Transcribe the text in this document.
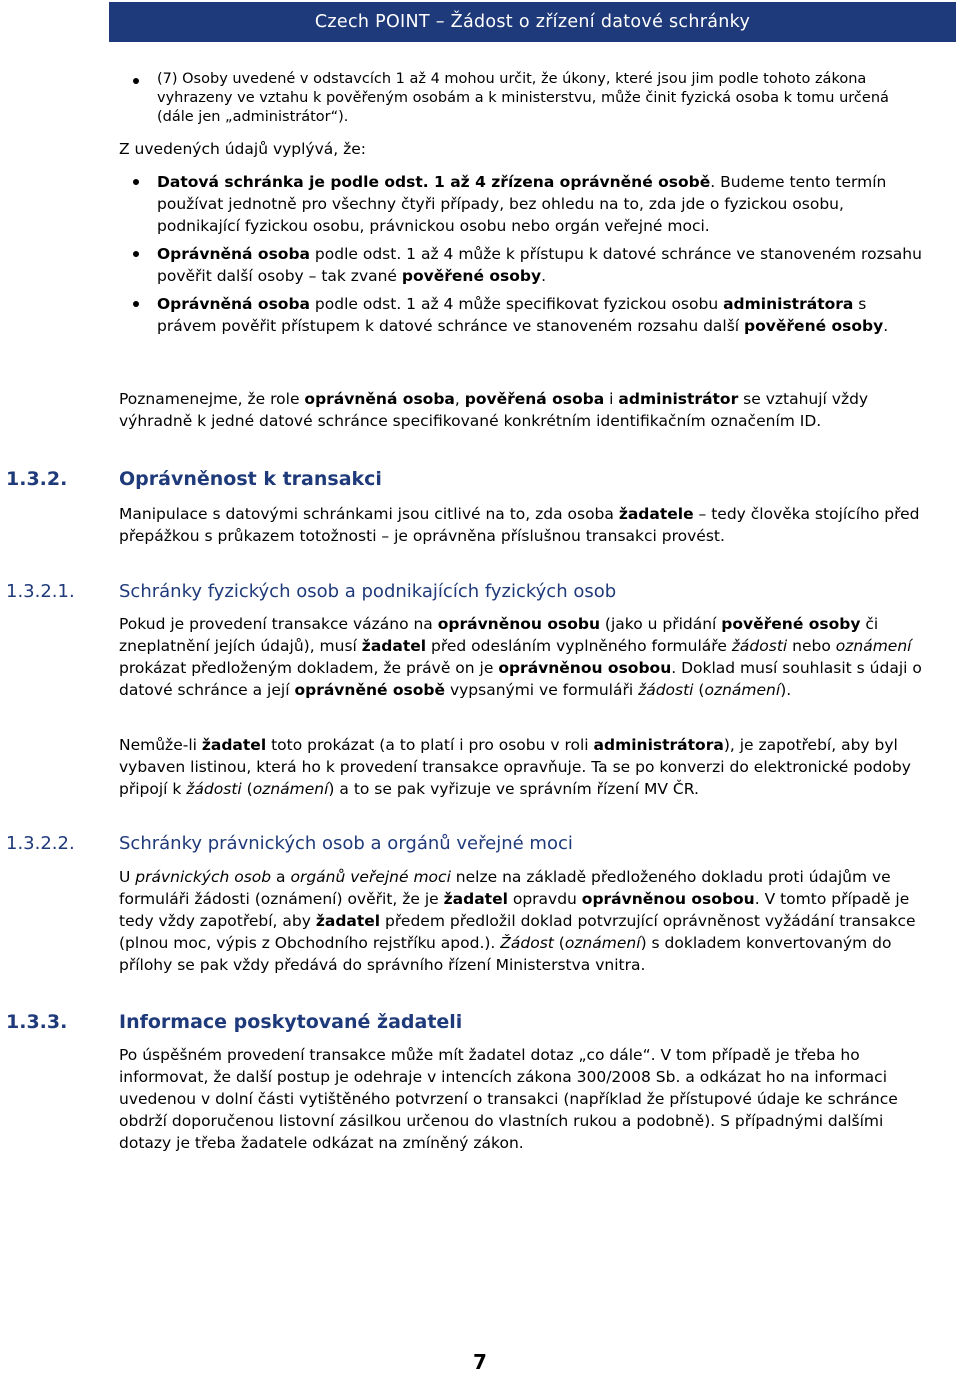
Czech POINT – Žádost o zřízení datové schránky
(7) Osoby uvedené v odstavcích 1 až 4 mohou určit, že úkony, které jsou jim podle tohoto zákona vyhrazeny ve vztahu k pověřeným osobám a k ministerstvu, může činit fyzická osoba k tomu určená (dále jen „administrátor“).
Z uvedených údajů vyplývá, že:
Datová schránka je podle odst. 1 až 4 zřízena oprávněné osobě. Budeme tento termín používat jednotně pro všechny čtyři případy, bez ohledu na to, zda jde o fyzickou osobu, podnikající fyzickou osobu, právnickou osobu nebo orgán veřejné moci.
Oprávněná osoba podle odst. 1 až 4 může k přístupu k datové schránce ve stanoveném rozsahu pověřit další osoby – tak zvané pověřené osoby.
Oprávněná osoba podle odst. 1 až 4 může specifikovat fyzickou osobu administrátora s právem pověřit přístupem k datové schránce ve stanoveném rozsahu další pověřené osoby.
Poznamenejme, že role oprávněná osoba, pověřená osoba i administrátor se vztahují vždy výhradně k jedné datové schránce specifikované konkrétním identifikačním označením ID.
1.3.2.	Oprávněnost k transakci
Manipulace s datovými schránkami jsou citlivé na to, zda osoba žadatele – tedy člověka stojícího před přepážkou s průkazem totožnosti – je oprávněna příslušnou transakci provést.
1.3.2.1. Schránky fyzických osob a podnikajících fyzických osob
Pokud je provedení transakce vázáno na oprávněnou osobu (jako u přidání pověřené osoby či zneplatnění jejích údajů), musí žadatel před odesláním vyplněného formuláře žádosti nebo oznámení prokázat předloženým dokladem, že právě on je oprávněnou osobou. Doklad musí souhlasit s údaji o datové schránce a její oprávněné osobě vypsanými ve formuláři žádosti (oznámení).
Nemůže-li žadatel toto prokázat (a to platí i pro osobu v roli administrátora), je zapotřebí, aby byl vybaven listinou, která ho k provedení transakce opravňuje. Ta se po konverzi do elektronické podoby připojí k žádosti (oznámení) a to se pak vyřizuje ve správním řízení MV ČR.
1.3.2.2. Schránky právnických osob a orgánů veřejné moci
U právnických osob a orgánů veřejné moci nelze na základě předloženého dokladu proti údajům ve formuláři žádosti (oznámení) ověřit, že je žadatel opravdu oprávněnou osobou. V tomto případě je tedy vždy zapotřebí, aby žadatel předem předložil doklad potvrzující oprávněnost vyžádání transakce (plnou moc, výpis z Obchodního rejstříku apod.). Žádost (oznámení) s dokladem konvertovaným do přílohy se pak vždy předává do správního řízení Ministerstva vnitra.
1.3.3.	Informace poskytované žadateli
Po úspěšném provedení transakce může mít žadatel dotaz „co dále“. V tom případě je třeba ho informovat, že další postup je odehraje v intencích zákona 300/2008 Sb. a odkázat ho na informaci uvedenou v dolní části vytištěného potvrzení o transakci (například že přístupové údaje ke schránce obdrží doporučenou listovní zásilkou určenou do vlastních rukou a podobně). S případnými dalšími dotazy je třeba žadatele odkázat na zmíněný zákon.
7
